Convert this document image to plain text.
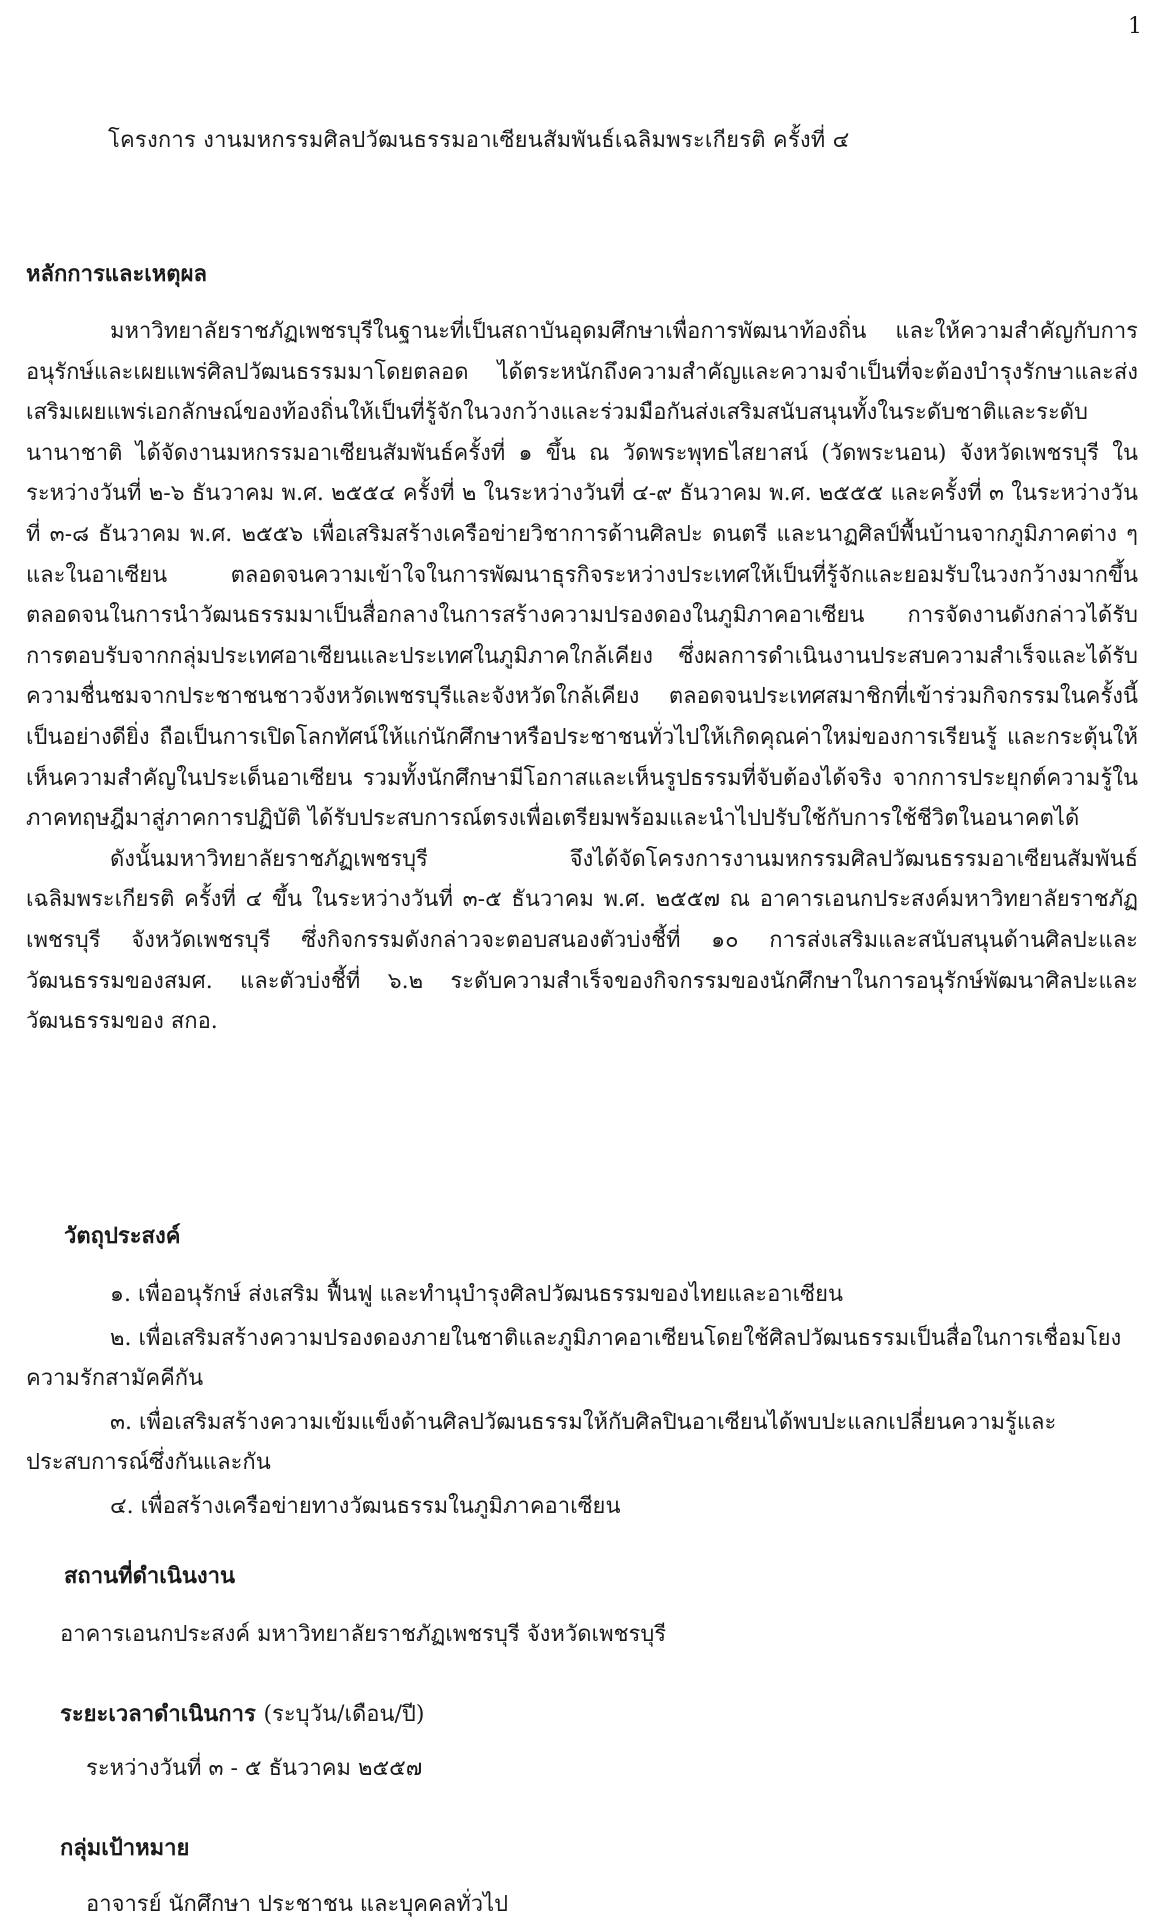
1
โครงการ งานมหกรรมศิลปวัฒนธรรมอาเซียนสัมพันธ์เฉลิมพระเกียรติ ครั้งที่ ๔
หลักการและเหตุผล

มหาวิทยาลัยราชภัฏเพชรบุรีในฐานะที่เป็นสถาบันอุดมศึกษาเพื่อการพัฒนาท้องถิ่น และให้ความสำคัญกับการอนุรักษ์และเผยแพร่ศิลปวัฒนธรรมมาโดยตลอด ได้ตระหนักถึงความสำคัญและความจำเป็นที่จะต้องบำรุงรักษาและส่งเสริมเผยแพร่เอกลักษณ์ของท้องถิ่นให้เป็นที่รู้จักในวงกว้างและร่วมมือกันส่งเสริมสนับสนุนทั้งในระดับชาติและระดับนานาชาติ ได้จัดงานมหกรรมอาเซียนสัมพันธ์ครั้งที่ ๑ ขึ้น ณ วัดพระพุทธไสยาสน์ (วัดพระนอน) จังหวัดเพชรบุรี ในระหว่างวันที่ ๒-๖ ธันวาคม พ.ศ. ๒๕๕๔ ครั้งที่ ๒ ในระหว่างวันที่ ๔-๙ ธันวาคม พ.ศ. ๒๕๕๕ และครั้งที่ ๓ ในระหว่างวันที่ ๓-๘ ธันวาคม พ.ศ. ๒๕๕๖ เพื่อเสริมสร้างเครือข่ายวิชาการด้านศิลปะ ดนตรี และนาฏศิลป์พื้นบ้านจากภูมิภาคต่าง ๆ และในอาเซียน ตลอดจนความเข้าใจในการพัฒนาธุรกิจระหว่างประเทศให้เป็นที่รู้จักและยอมรับในวงกว้างมากขึ้น ตลอดจนในการนำวัฒนธรรมมาเป็นสื่อกลางในการสร้างความปรองดองในภูมิภาคอาเซียน การจัดงานดังกล่าวได้รับการตอบรับจากกลุ่มประเทศอาเซียนและประเทศในภูมิภาคใกล้เคียง ซึ่งผลการดำเนินงานประสบความสำเร็จและได้รับความชื่นชมจากประชาชนชาวจังหวัดเพชรบุรีและจังหวัดใกล้เคียง ตลอดจนประเทศสมาชิกที่เข้าร่วมกิจกรรมในครั้งนี้เป็นอย่างดียิ่ง ถือเป็นการเปิดโลกทัศน์ให้แก่นักศึกษาหรือประชาชนทั่วไปให้เกิดคุณค่าใหม่ของการเรียนรู้ และกระตุ้นให้เห็นความสำคัญในประเด็นอาเซียน รวมทั้งนักศึกษามีโอกาสและเห็นรูปธรรมที่จับต้องได้จริง จากการประยุกต์ความรู้ในภาคทฤษฎีมาสู่ภาคการปฏิบัติ ได้รับประสบการณ์ตรงเพื่อเตรียมพร้อมและนำไปปรับใช้กับการใช้ชีวิตในอนาคตได้

ดังนั้นมหาวิทยาลัยราชภัฏเพชรบุรี จึงได้จัดโครงการงานมหกรรมศิลปวัฒนธรรมอาเซียนสัมพันธ์เฉลิมพระเกียรติ ครั้งที่ ๔ ขึ้น ในระหว่างวันที่ ๓-๕ ธันวาคม พ.ศ. ๒๕๕๗ ณ อาคารเอนกประสงค์มหาวิทยาลัยราชภัฏเพชรบุรี จังหวัดเพชรบุรี ซึ่งกิจกรรมดังกล่าวจะตอบสนองตัวบ่งชี้ที่ ๑๐ การส่งเสริมและสนับสนุนด้านศิลปะและวัฒนธรรมของสมศ. และตัวบ่งชี้ที่ ๖.๒ ระดับความสำเร็จของกิจกรรมของนักศึกษาในการอนุรักษ์พัฒนาศิลปะและวัฒนธรรมของ สกอ.

วัตถุประสงค์
๑. เพื่ออนุรักษ์ ส่งเสริม ฟื้นฟู และทำนุบำรุงศิลปวัฒนธรรมของไทยและอาเซียน
๒. เพื่อเสริมสร้างความปรองดองภายในชาติและภูมิภาคอาเซียนโดยใช้ศิลปวัฒนธรรมเป็นสื่อในการเชื่อมโยงความรักสามัคคีกัน
๓. เพื่อเสริมสร้างความเข้มแข็งด้านศิลปวัฒนธรรมให้กับศิลปินอาเซียนได้พบปะแลกเปลี่ยนความรู้และประสบการณ์ซึ่งกันและกัน
๔. เพื่อสร้างเครือข่ายทางวัฒนธรรมในภูมิภาคอาเซียน
สถานที่ดำเนินงาน
อาคารเอนกประสงค์ มหาวิทยาลัยราชภัฏเพชรบุรี จังหวัดเพชรบุรี
ระยะเวลาดำเนินการ (ระบุวัน/เดือน/ปี)
ระหว่างวันที่ ๓ - ๕ ธันวาคม ๒๕๕๗
กลุ่มเป้าหมาย
อาจารย์ นักศึกษา ประชาชน และบุคคลทั่วไป
